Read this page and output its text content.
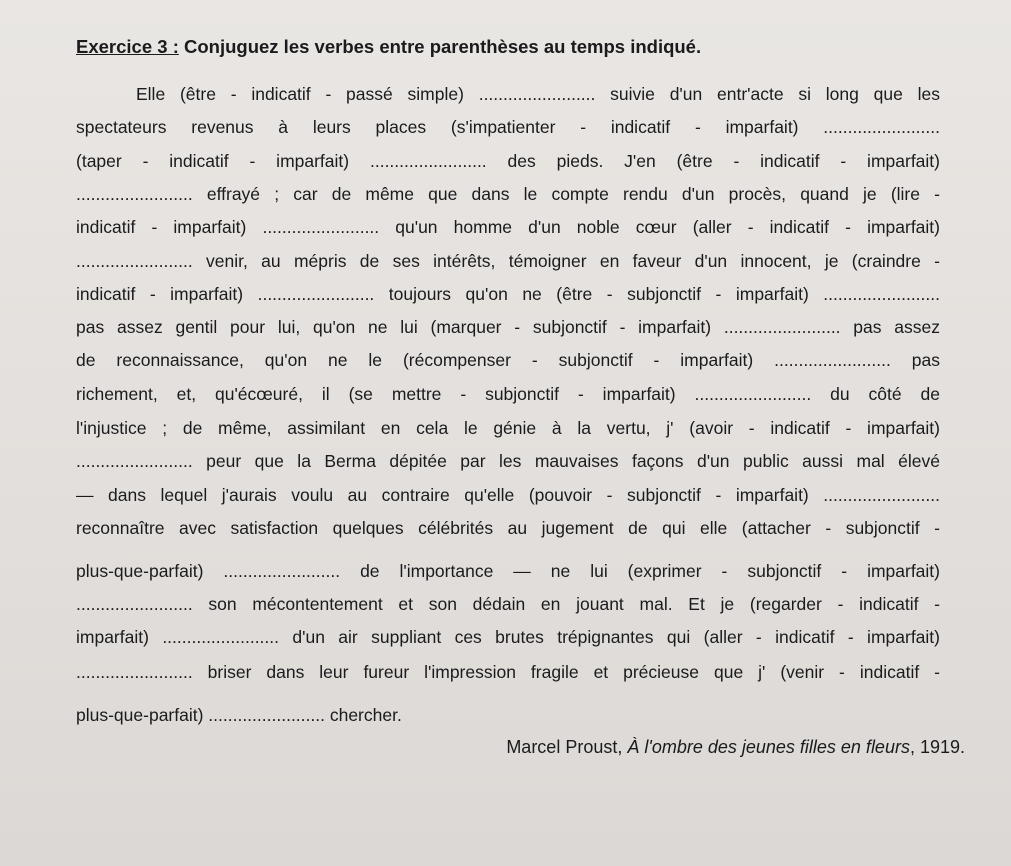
Exercice 3 : Conjuguez les verbes entre parenthèses au temps indiqué.
Elle (être - indicatif - passé simple) ........................ suivie d'un entr'acte si long que les
spectateurs revenus à leurs places (s'impatienter - indicatif - imparfait) ........................
(taper - indicatif - imparfait) ........................ des pieds. J'en (être - indicatif - imparfait)
........................ effrayé ; car de même que dans le compte rendu d'un procès, quand je (lire -
indicatif - imparfait) ........................ qu'un homme d'un noble cœur (aller - indicatif - imparfait)
........................ venir, au mépris de ses intérêts, témoigner en faveur d'un innocent, je (craindre -
indicatif - imparfait) ........................ toujours qu'on ne (être - subjonctif - imparfait) ........................
pas assez gentil pour lui, qu'on ne lui (marquer - subjonctif - imparfait) ........................ pas assez
de reconnaissance, qu'on ne le (récompenser - subjonctif - imparfait) ........................ pas
richement, et, qu'écœuré, il (se mettre - subjonctif - imparfait) ........................ du côté de
l'injustice ; de même, assimilant en cela le génie à la vertu, j' (avoir - indicatif - imparfait)
........................ peur que la Berma dépitée par les mauvaises façons d'un public aussi mal élevé
— dans lequel j'aurais voulu au contraire qu'elle (pouvoir - subjonctif - imparfait) ........................
reconnaître avec satisfaction quelques célébrités au jugement de qui elle (attacher - subjonctif -
plus-que-parfait) ........................ de l'importance — ne lui (exprimer - subjonctif - imparfait)
........................ son mécontentement et son dédain en jouant mal. Et je (regarder - indicatif -
imparfait) ........................ d'un air suppliant ces brutes trépignantes qui (aller - indicatif - imparfait)
........................ briser dans leur fureur l'impression fragile et précieuse que j' (venir - indicatif -
plus-que-parfait) ........................ chercher.
Marcel Proust, À l'ombre des jeunes filles en fleurs, 1919.
